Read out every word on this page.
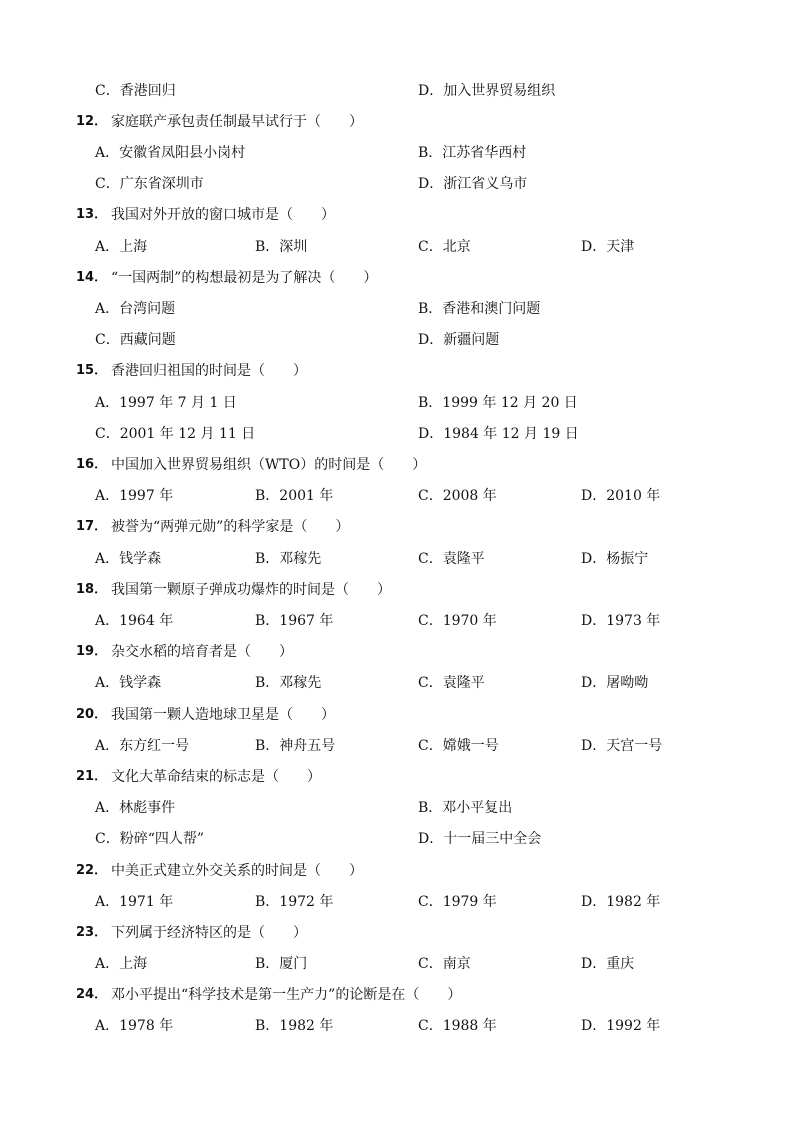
C．香港回归	D．加入世界贸易组织
12． 家庭联产承包责任制最早试行于（　　）
A．安徽省凤阳县小岗村	B．江苏省华西村
C．广东省深圳市	D．浙江省义乌市
13． 我国对外开放的窗口城市是（　　）
A．上海	B．深圳	C．北京	D．天津
14． “一国两制”的构想最初是为了解决（　　）
A．台湾问题	B．香港和澳门问题
C．西藏问题	D．新疆问题
15． 香港回归祖国的时间是（　　）
A．1997 年 7 月 1 日	B．1999 年 12 月 20 日
C．2001 年 12 月 11 日	D．1984 年 12 月 19 日
16． 中国加入世界贸易组织（WTO）的时间是（　　）
A．1997 年	B．2001 年	C．2008 年	D．2010 年
17． 被誉为“两弹元勋”的科学家是（　　）
A．钱学森	B．邓稼先	C．袁隆平	D．杨振宁
18． 我国第一颗原子弹成功爆炸的时间是（　　）
A．1964 年	B．1967 年	C．1970 年	D．1973 年
19． 杂交水稻的培育者是（　　）
A．钱学森	B．邓稼先	C．袁隆平	D．屠呦呦
20． 我国第一颗人造地球卫星是（　　）
A．东方红一号	B．神舟五号	C．嫦娥一号	D．天宫一号
21． 文化大革命结束的标志是（　　）
A．林彪事件	B．邓小平复出
C．粉碎“四人帮”	D．十一届三中全会
22． 中美正式建立外交关系的时间是（　　）
A．1971 年	B．1972 年	C．1979 年	D．1982 年
23． 下列属于经济特区的是（　　）
A．上海	B．厦门	C．南京	D．重庆
24． 邓小平提出“科学技术是第一生产力”的论断是在（　　）
A．1978 年	B．1982 年	C．1988 年	D．1992 年
